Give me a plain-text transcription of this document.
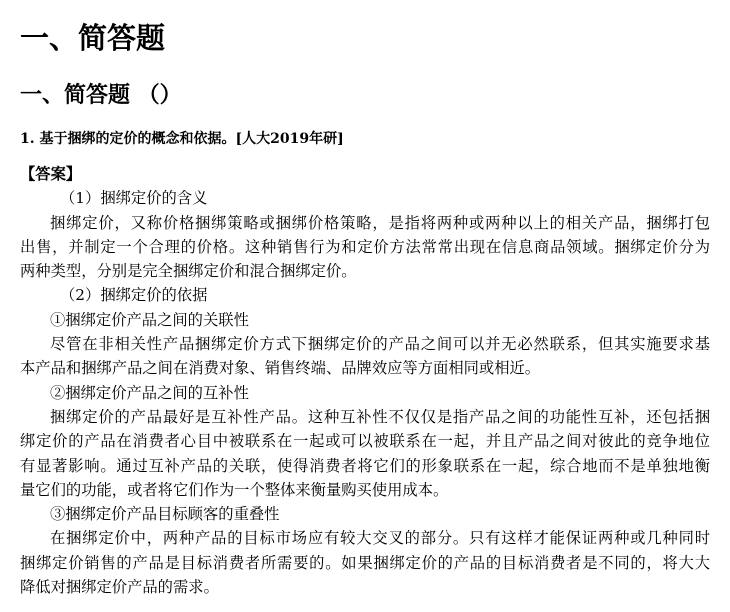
一、简答题
一、简答题 （）
1. 基于捆绑的定价的概念和依据。[人大2019年研]
【答案】
（1）捆绑定价的含义
捆绑定价，又称价格捆绑策略或捆绑价格策略，是指将两种或两种以上的相关产品，捆绑打包
出售，并制定一个合理的价格。这种销售行为和定价方法常常出现在信息商品领域。捆绑定价分为
两种类型，分别是完全捆绑定价和混合捆绑定价。
（2）捆绑定价的依据
①捆绑定价产品之间的关联性
尽管在非相关性产品捆绑定价方式下捆绑定价的产品之间可以并无必然联系，但其实施要求基
本产品和捆绑产品之间在消费对象、销售终端、品牌效应等方面相同或相近。
②捆绑定价产品之间的互补性
捆绑定价的产品最好是互补性产品。这种互补性不仅仅是指产品之间的功能性互补，还包括捆
绑定价的产品在消费者心目中被联系在一起或可以被联系在一起，并且产品之间对彼此的竞争地位
有显著影响。通过互补产品的关联，使得消费者将它们的形象联系在一起，综合地而不是单独地衡
量它们的功能，或者将它们作为一个整体来衡量购买使用成本。
③捆绑定价产品目标顾客的重叠性
在捆绑定价中，两种产品的目标市场应有较大交叉的部分。只有这样才能保证两种或几种同时
捆绑定价销售的产品是目标消费者所需要的。如果捆绑定价的产品的目标消费者是不同的，将大大
降低对捆绑定价产品的需求。
